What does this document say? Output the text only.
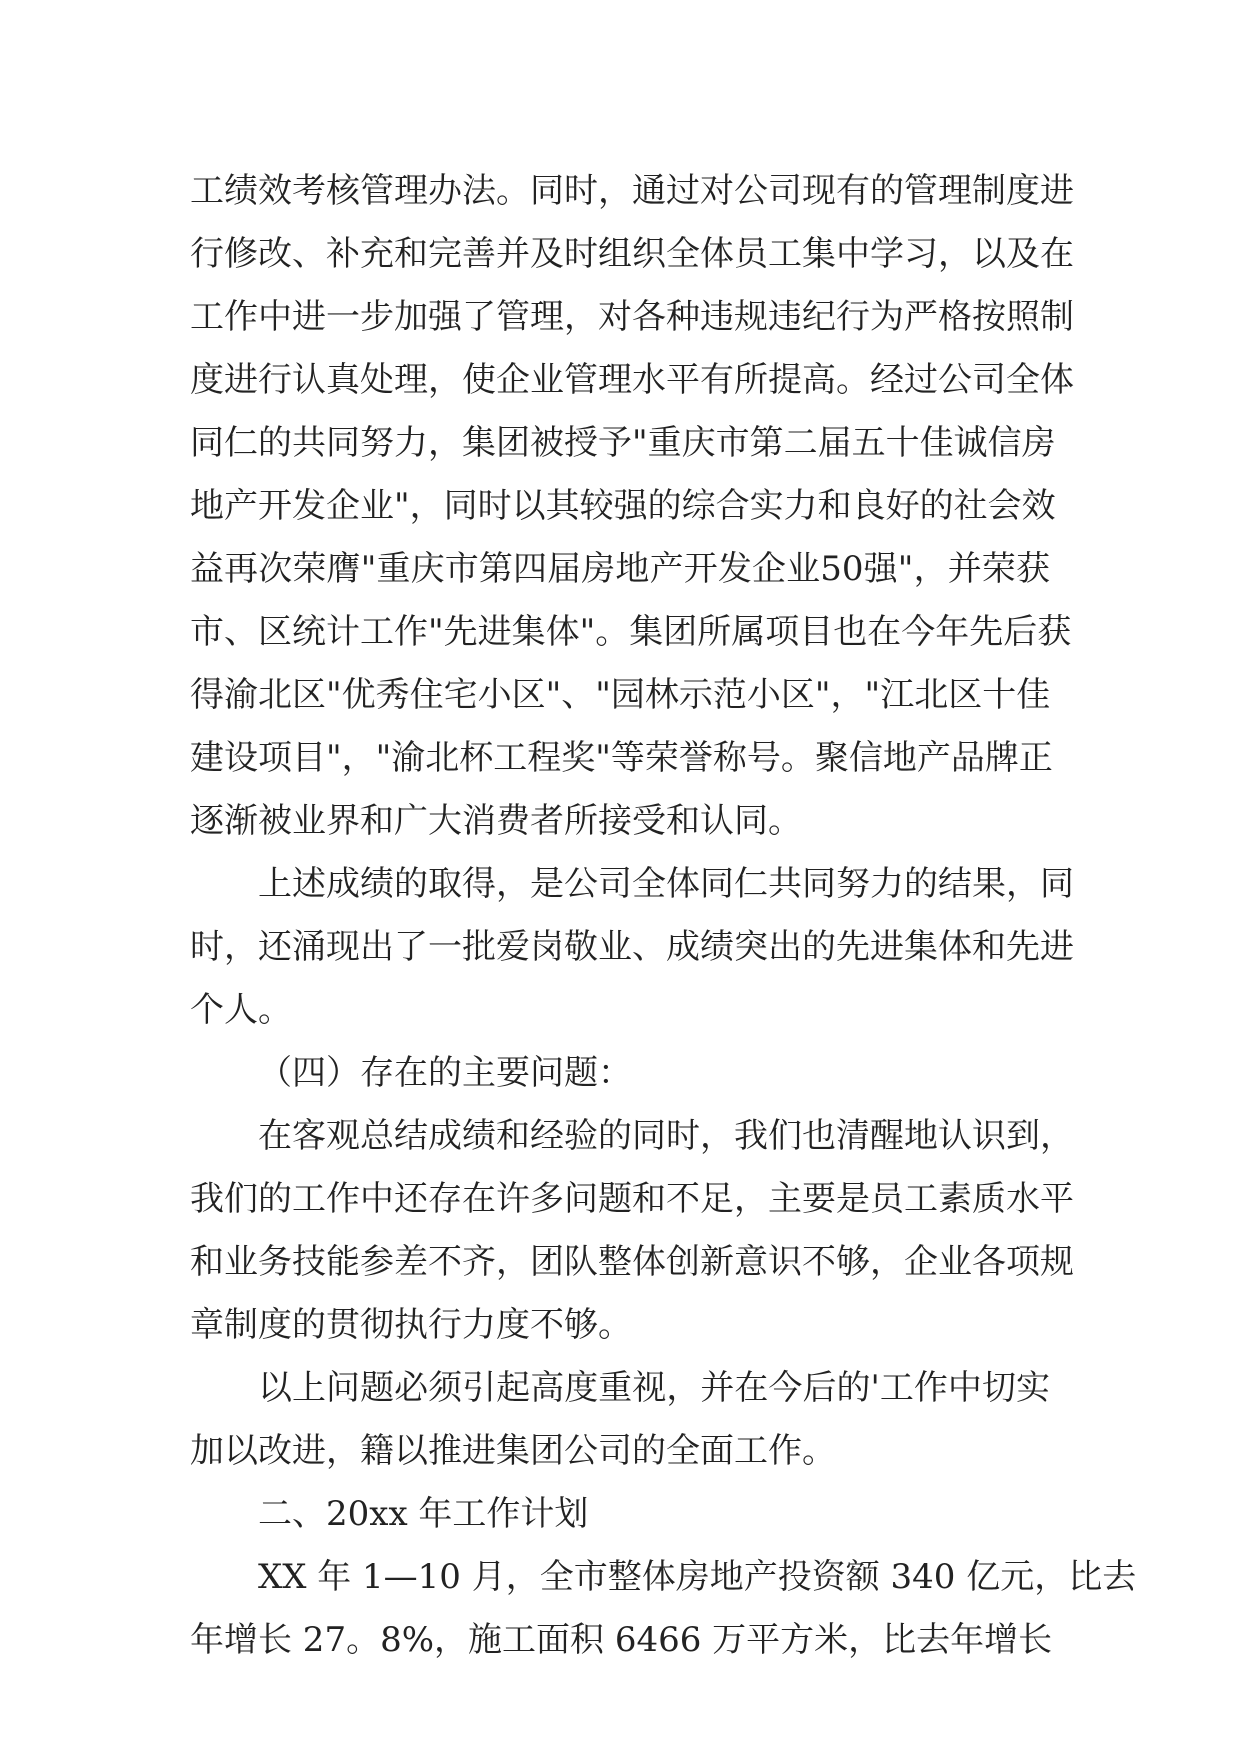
工绩效考核管理办法。同时，通过对公司现有的管理制度进
行修改、补充和完善并及时组织全体员工集中学习，以及在
工作中进一步加强了管理，对各种违规违纪行为严格按照制
度进行认真处理，使企业管理水平有所提高。经过公司全体
同仁的共同努力，集团被授予"重庆市第二届五十佳诚信房
地产开发企业"，同时以其较强的综合实力和良好的社会效
益再次荣膺"重庆市第四届房地产开发企业50强"，并荣获
市、区统计工作"先进集体"。集团所属项目也在今年先后获
得渝北区"优秀住宅小区"、"园林示范小区"，"江北区十佳
建设项目"，"渝北杯工程奖"等荣誉称号。聚信地产品牌正
逐渐被业界和广大消费者所接受和认同。
上述成绩的取得，是公司全体同仁共同努力的结果，同
时，还涌现出了一批爱岗敬业、成绩突出的先进集体和先进
个人。
（四）存在的主要问题：
在客观总结成绩和经验的同时，我们也清醒地认识到，
我们的工作中还存在许多问题和不足，主要是员工素质水平
和业务技能参差不齐，团队整体创新意识不够，企业各项规
章制度的贯彻执行力度不够。
以上问题必须引起高度重视，并在今后的'工作中切实
加以改进，籍以推进集团公司的全面工作。
二、20xx 年工作计划
XX 年 1—10 月，全市整体房地产投资额 340 亿元，比去
年增长 27。8%，施工面积 6466 万平方米，比去年增长
